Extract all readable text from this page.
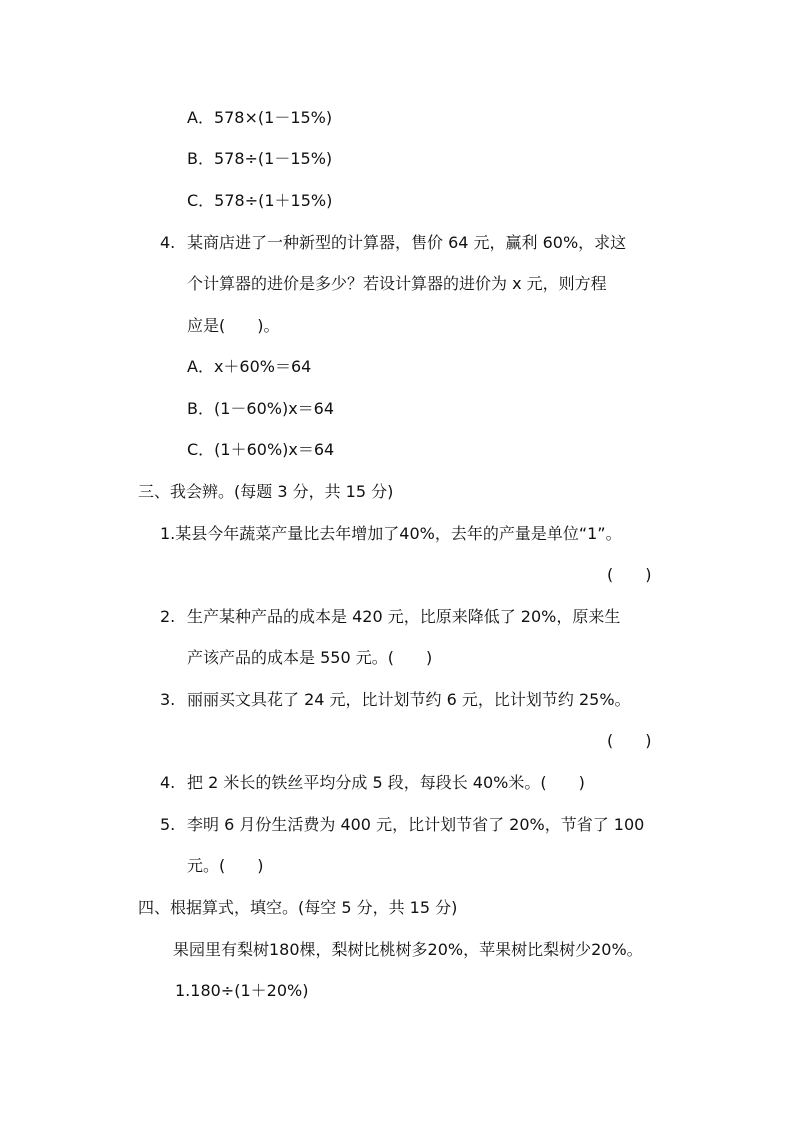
A．578×(1－15%)
B．578÷(1－15%)
C．578÷(1＋15%)
4. 某商店进了一种新型的计算器，售价 64 元，赢利 60%，求这
个计算器的进价是多少？若设计算器的进价为 x 元，则方程
应是(　　)。
A．x＋60%＝64
B．(1－60%)x＝64
C．(1＋60%)x＝64
三、我会辨。(每题 3 分，共 15 分)
1.某县今年蔬菜产量比去年增加了40%，去年的产量是单位“1”。
(　　)
2. 生产某种产品的成本是 420 元，比原来降低了 20%，原来生
产该产品的成本是 550 元。(　　)
3. 丽丽买文具花了 24 元，比计划节约 6 元，比计划节约 25%。
(　　)
4. 把 2 米长的铁丝平均分成 5 段，每段长 40%米。(　　)
5. 李明 6 月份生活费为 400 元，比计划节省了 20%，节省了 100
元。(　　)
四、根据算式，填空。(每空 5 分，共 15 分)
果园里有梨树180棵，梨树比桃树多20%，苹果树比梨树少20%。
1.180÷(1＋20%)
